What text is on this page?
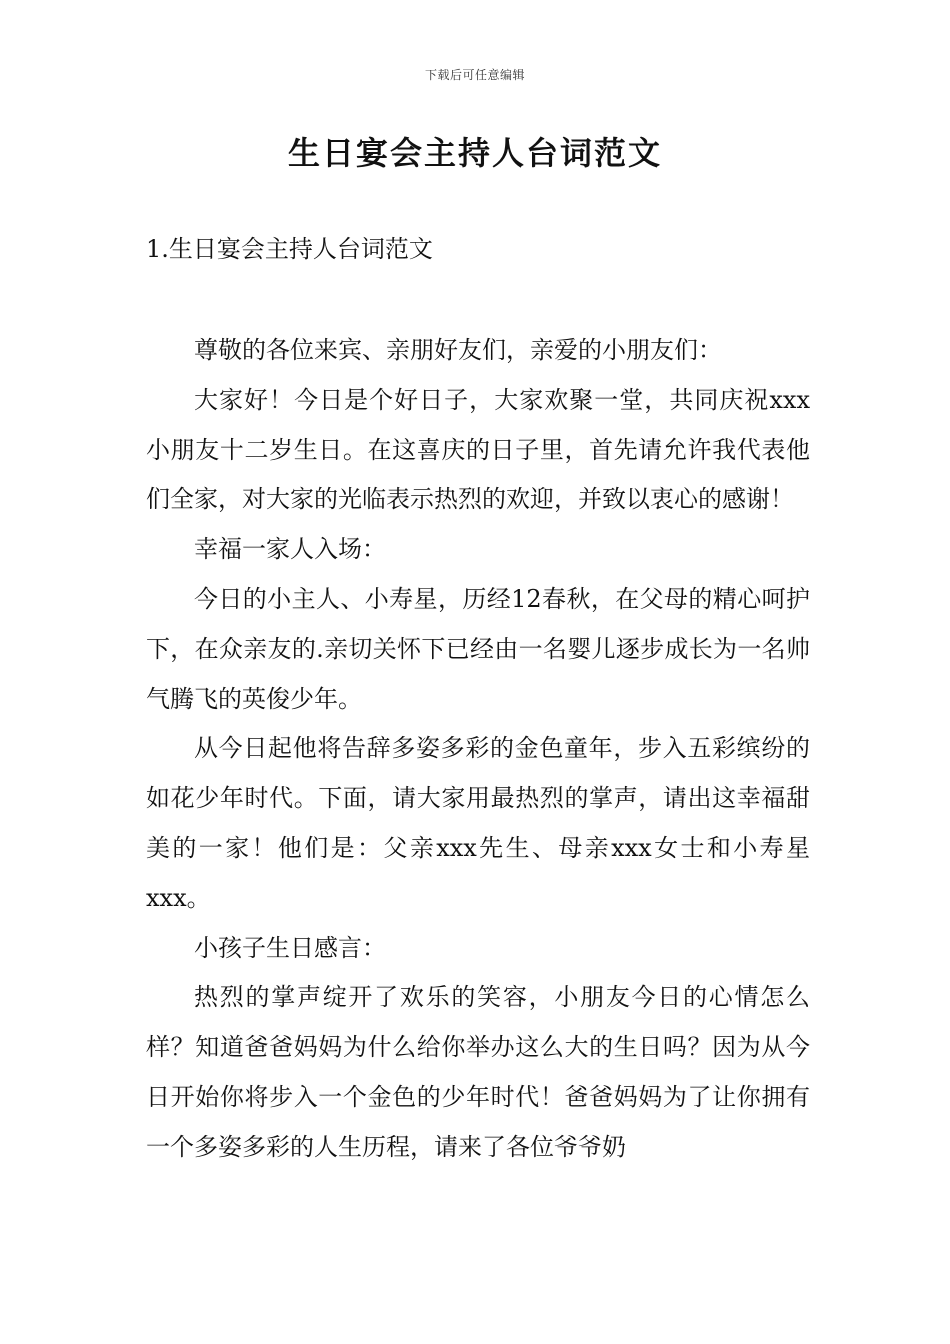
下载后可任意编辑
生日宴会主持人台词范文
1.生日宴会主持人台词范文

尊敬的各位来宾、亲朋好友们，亲爱的小朋友们：

大家好！今日是个好日子，大家欢聚一堂，共同庆祝xxx小朋友十二岁生日。在这喜庆的日子里，首先请允许我代表他们全家，对大家的光临表示热烈的欢迎，并致以衷心的感谢！

幸福一家人入场：

今日的小主人、小寿星，历经12春秋，在父母的精心呵护下，在众亲友的.亲切关怀下已经由一名婴儿逐步成长为一名帅气腾飞的英俊少年。

从今日起他将告辞多姿多彩的金色童年，步入五彩缤纷的如花少年时代。下面，请大家用最热烈的掌声，请出这幸福甜美的一家！他们是：父亲xxx先生、母亲xxx女士和小寿星xxx。

小孩子生日感言：

热烈的掌声绽开了欢乐的笑容，小朋友今日的心情怎么样？知道爸爸妈妈为什么给你举办这么大的生日吗？因为从今日开始你将步入一个金色的少年时代！爸爸妈妈为了让你拥有一个多姿多彩的人生历程，请来了各位爷爷奶
